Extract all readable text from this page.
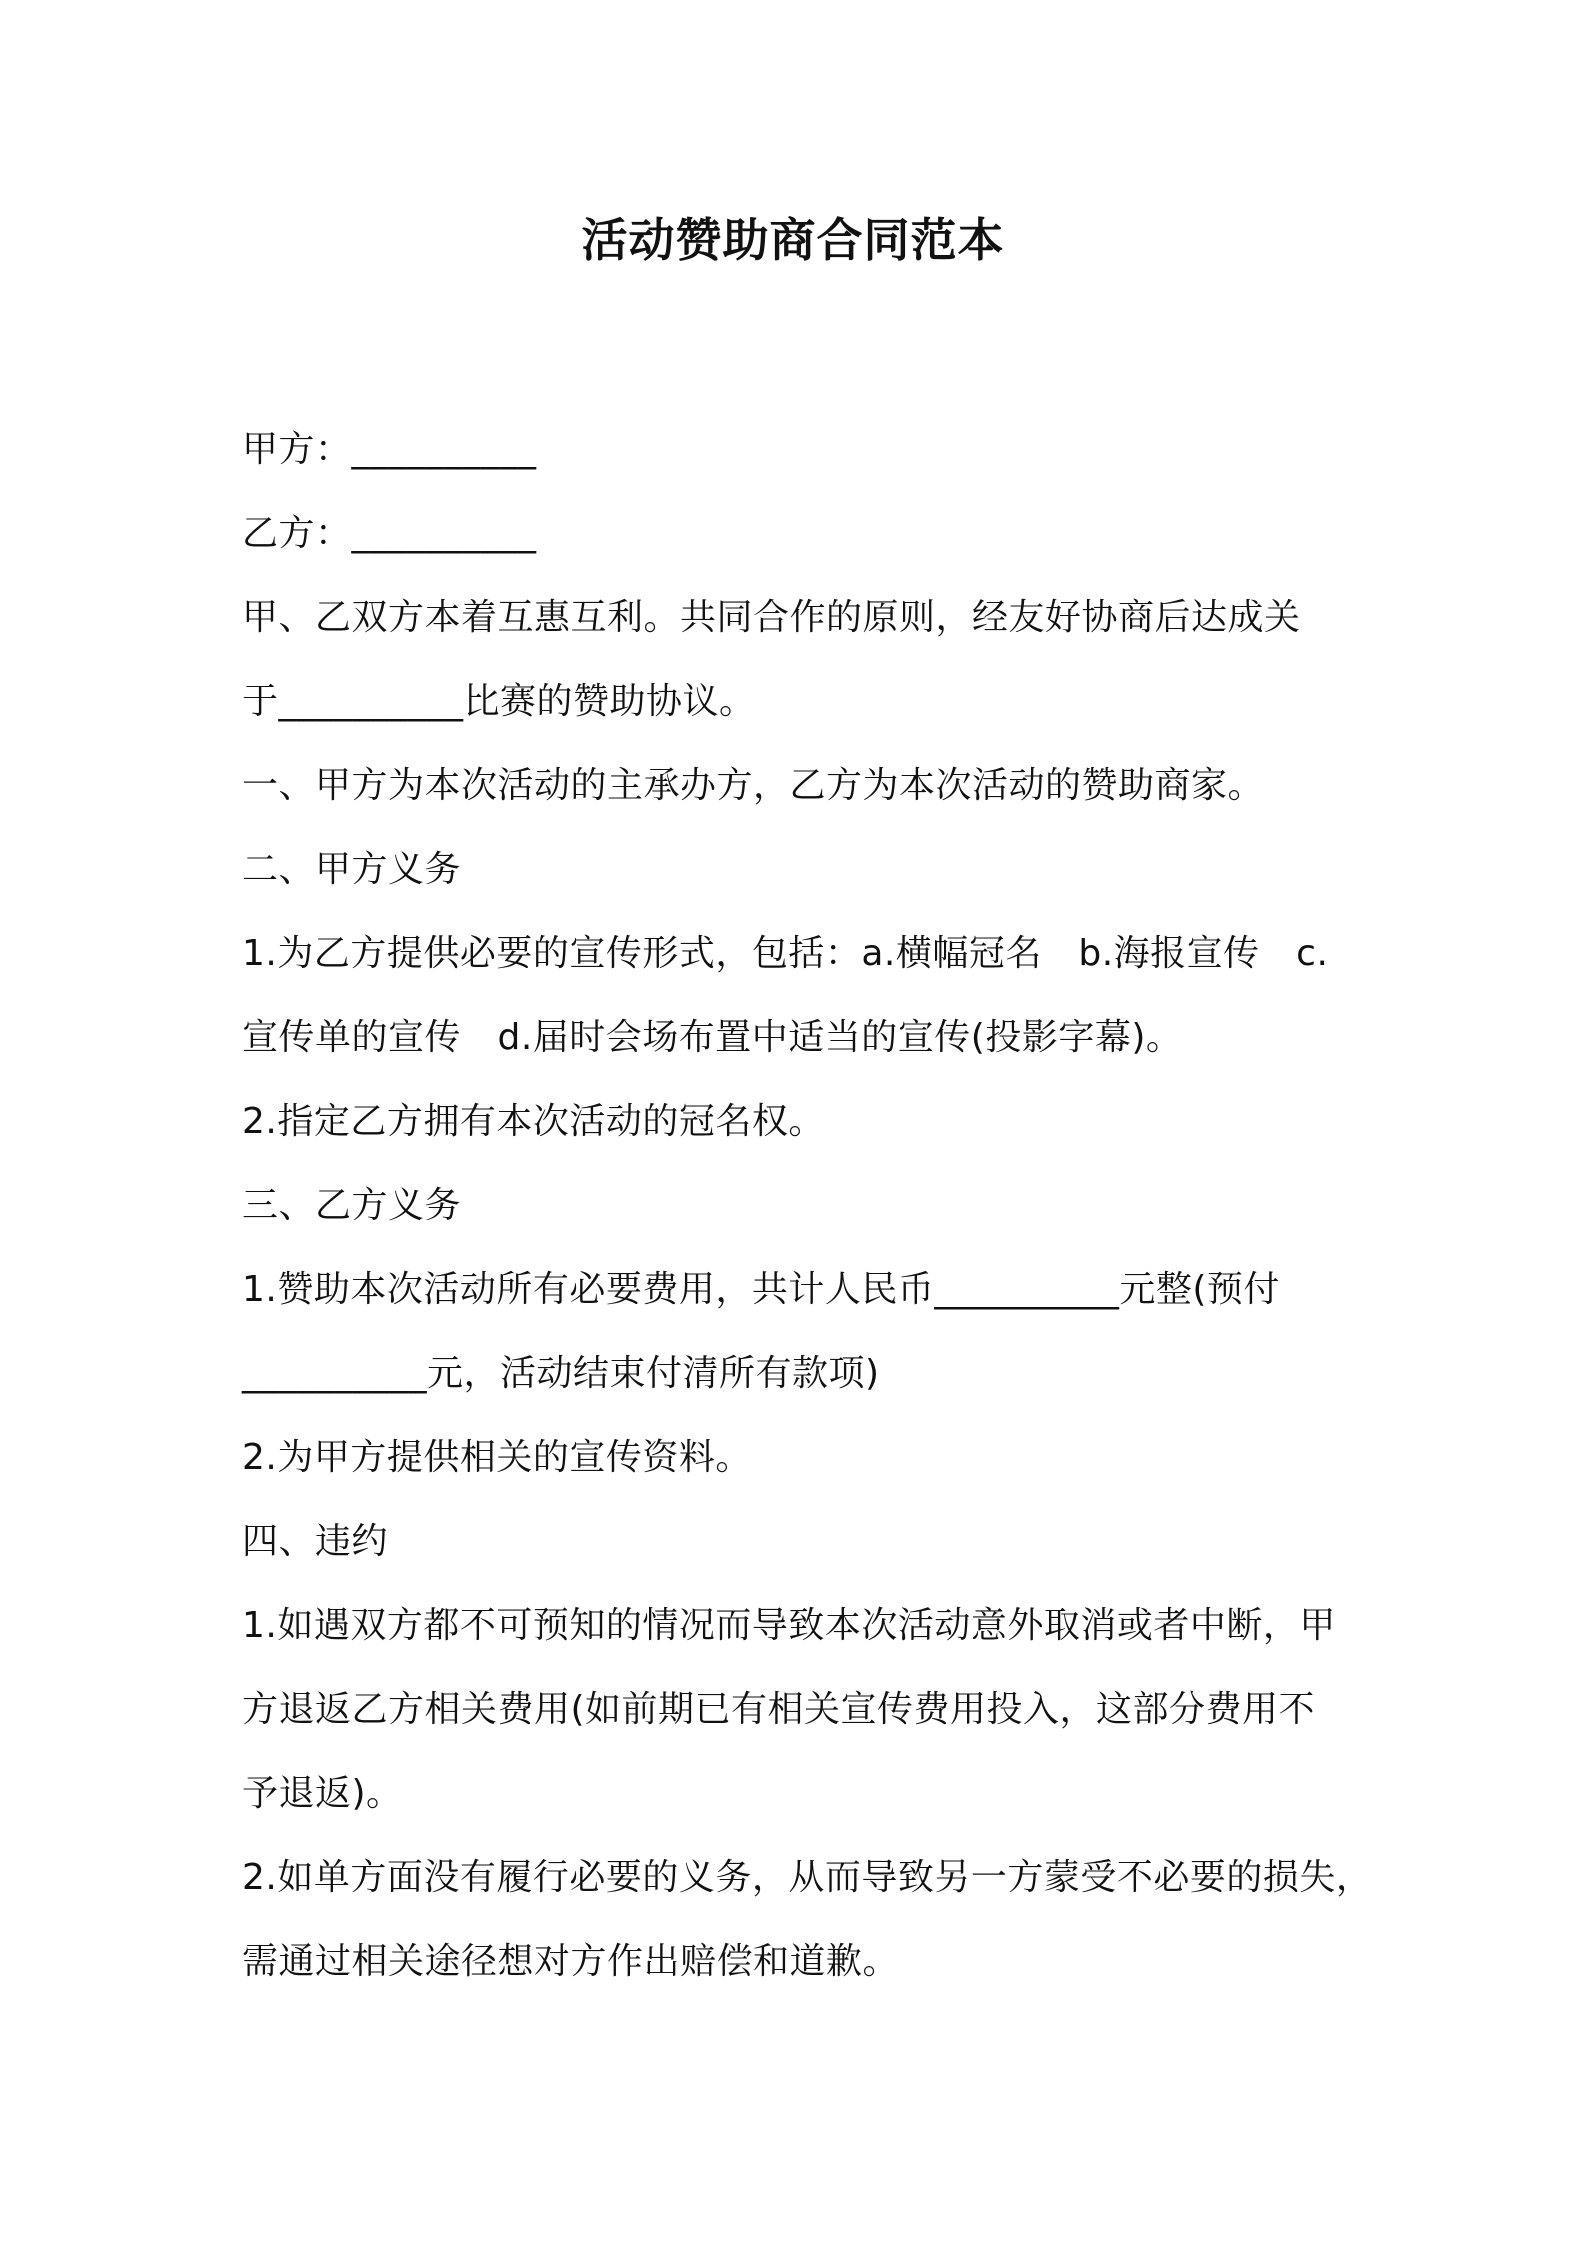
活动赞助商合同范本
甲方：__________
乙方：__________
甲、乙双方本着互惠互利。共同合作的原则，经友好协商后达成关
于__________比赛的赞助协议。
一、甲方为本次活动的主承办方，乙方为本次活动的赞助商家。
二、甲方义务
1.为乙方提供必要的宣传形式，包括：a.横幅冠名　b.海报宣传　c.
宣传单的宣传　d.届时会场布置中适当的宣传(投影字幕)。
2.指定乙方拥有本次活动的冠名权。
三、乙方义务
1.赞助本次活动所有必要费用，共计人民币__________元整(预付
__________元，活动结束付清所有款项)
2.为甲方提供相关的宣传资料。
四、违约
1.如遇双方都不可预知的情况而导致本次活动意外取消或者中断，甲
方退返乙方相关费用(如前期已有相关宣传费用投入，这部分费用不
予退返)。
2.如单方面没有履行必要的义务，从而导致另一方蒙受不必要的损失，
需通过相关途径想对方作出赔偿和道歉。
